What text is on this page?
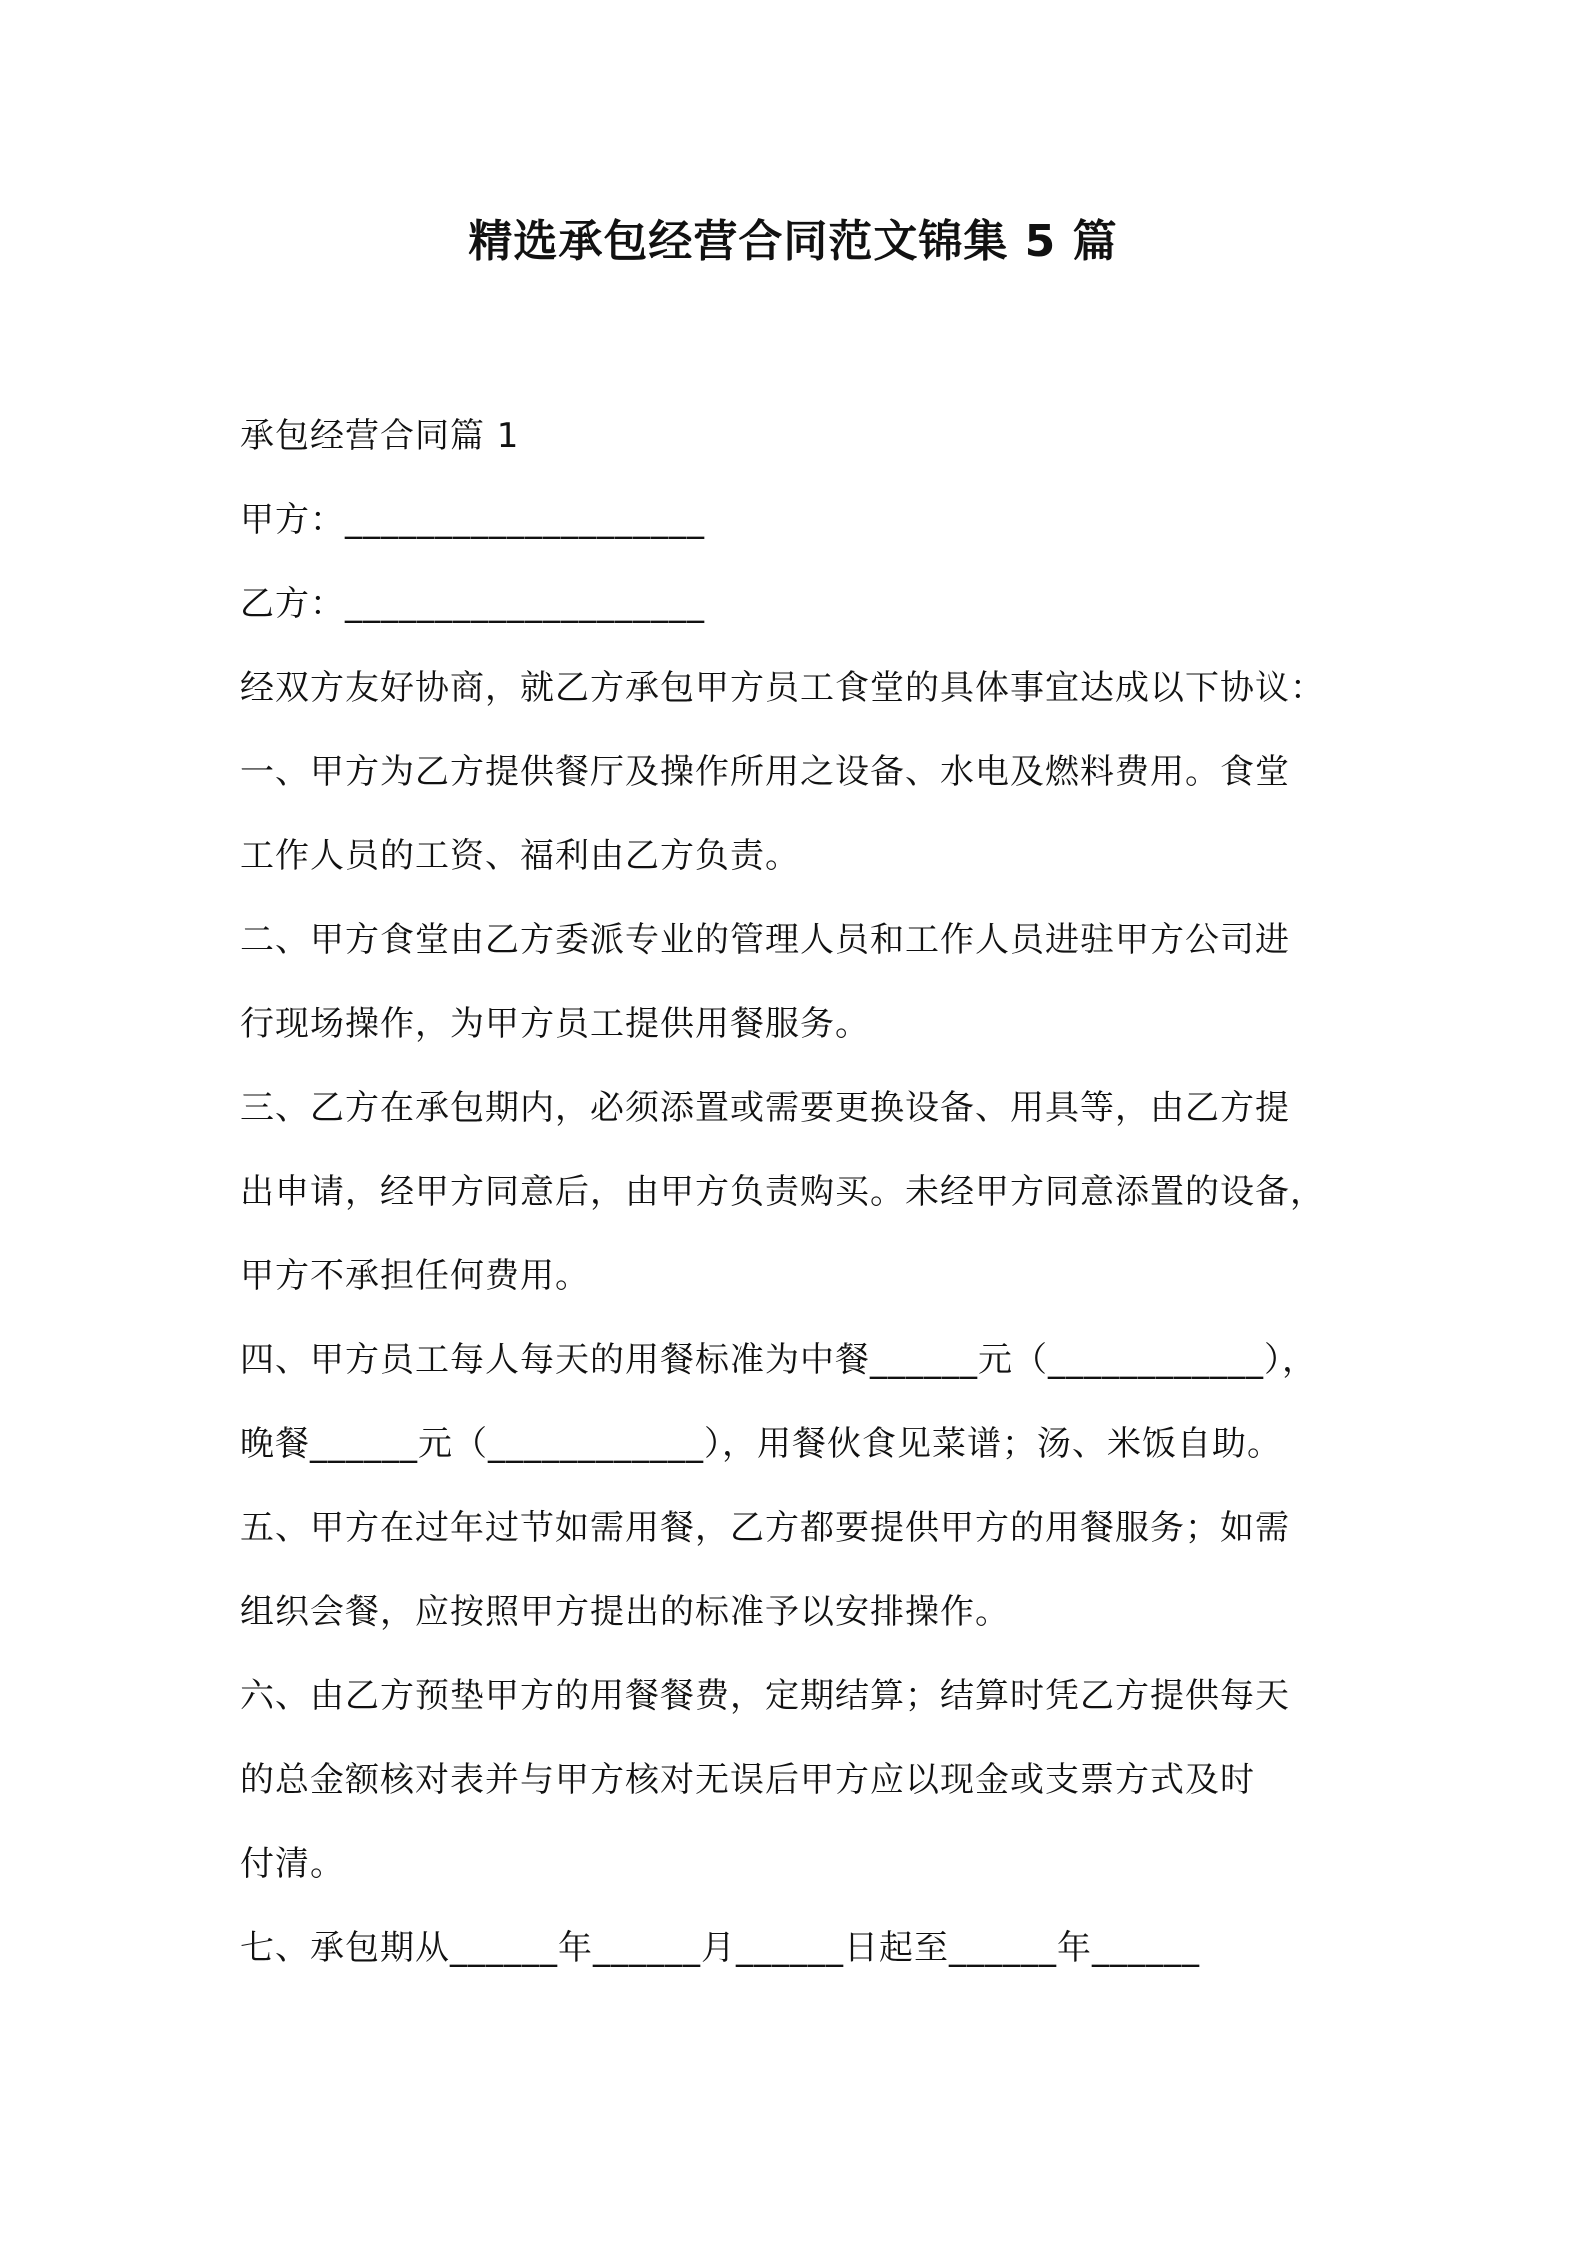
精选承包经营合同范文锦集 5 篇

承包经营合同篇 1

甲方：____________________

乙方：____________________

经双方友好协商，就乙方承包甲方员工食堂的具体事宜达成以下协议：

一、甲方为乙方提供餐厅及操作所用之设备、水电及燃料费用。食堂

工作人员的工资、福利由乙方负责。

二、甲方食堂由乙方委派专业的管理人员和工作人员进驻甲方公司进

行现场操作，为甲方员工提供用餐服务。

三、乙方在承包期内，必须添置或需要更换设备、用具等，由乙方提

出申请，经甲方同意后，由甲方负责购买。未经甲方同意添置的设备，

甲方不承担任何费用。

四、甲方员工每人每天的用餐标准为中餐______元（____________），

晚餐______元（____________），用餐伙食见菜谱；汤、米饭自助。

五、甲方在过年过节如需用餐，乙方都要提供甲方的用餐服务；如需

组织会餐，应按照甲方提出的标准予以安排操作。

六、由乙方预垫甲方的用餐餐费，定期结算；结算时凭乙方提供每天

的总金额核对表并与甲方核对无误后甲方应以现金或支票方式及时

付清。

七、承包期从______年______月______日起至______年______
